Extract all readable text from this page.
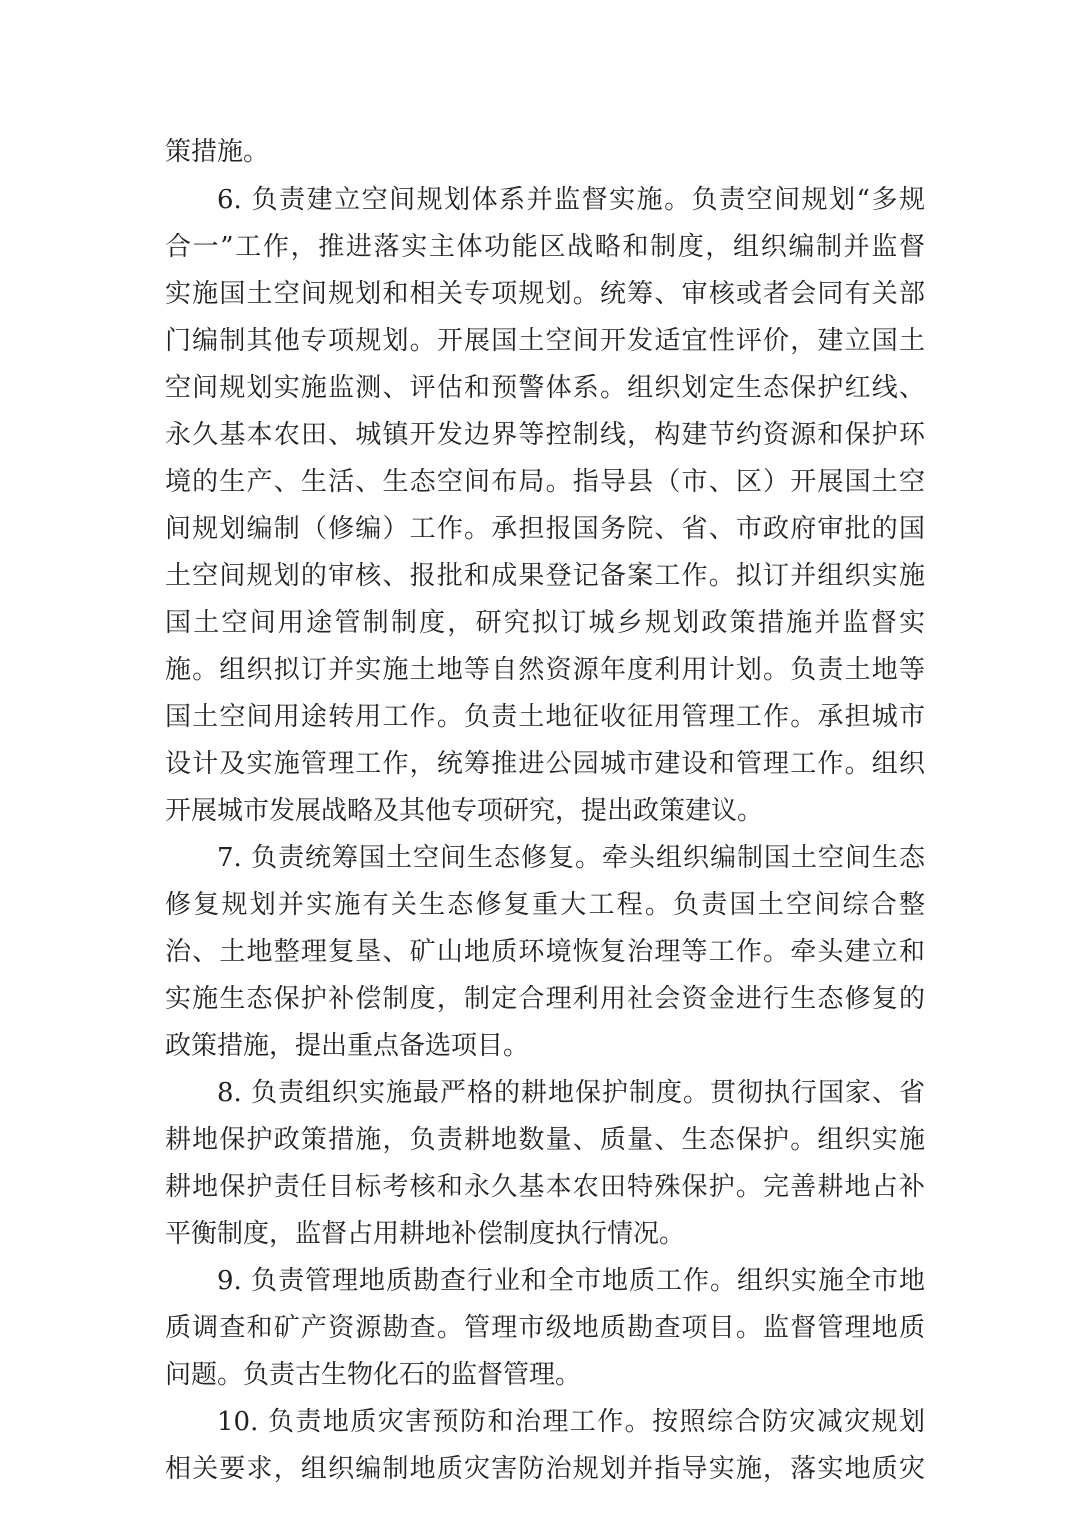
策措施。
6. 负责建立空间规划体系并监督实施。负责空间规划“多规
合一”工作，推进落实主体功能区战略和制度，组织编制并监督
实施国土空间规划和相关专项规划。统筹、审核或者会同有关部
门编制其他专项规划。开展国土空间开发适宜性评价，建立国土
空间规划实施监测、评估和预警体系。组织划定生态保护红线、
永久基本农田、城镇开发边界等控制线，构建节约资源和保护环
境的生产、生活、生态空间布局。指导县（市、区）开展国土空
间规划编制（修编）工作。承担报国务院、省、市政府审批的国
土空间规划的审核、报批和成果登记备案工作。拟订并组织实施
国土空间用途管制制度，研究拟订城乡规划政策措施并监督实
施。组织拟订并实施土地等自然资源年度利用计划。负责土地等
国土空间用途转用工作。负责土地征收征用管理工作。承担城市
设计及实施管理工作，统筹推进公园城市建设和管理工作。组织
开展城市发展战略及其他专项研究，提出政策建议。
7. 负责统筹国土空间生态修复。牵头组织编制国土空间生态
修复规划并实施有关生态修复重大工程。负责国土空间综合整
治、土地整理复垦、矿山地质环境恢复治理等工作。牵头建立和
实施生态保护补偿制度，制定合理利用社会资金进行生态修复的
政策措施，提出重点备选项目。
8. 负责组织实施最严格的耕地保护制度。贯彻执行国家、省
耕地保护政策措施，负责耕地数量、质量、生态保护。组织实施
耕地保护责任目标考核和永久基本农田特殊保护。完善耕地占补
平衡制度，监督占用耕地补偿制度执行情况。
9. 负责管理地质勘查行业和全市地质工作。组织实施全市地
质调查和矿产资源勘查。管理市级地质勘查项目。监督管理地质
问题。负责古生物化石的监督管理。
10. 负责地质灾害预防和治理工作。按照综合防灾减灾规划
相关要求，组织编制地质灾害防治规划并指导实施，落实地质灾
